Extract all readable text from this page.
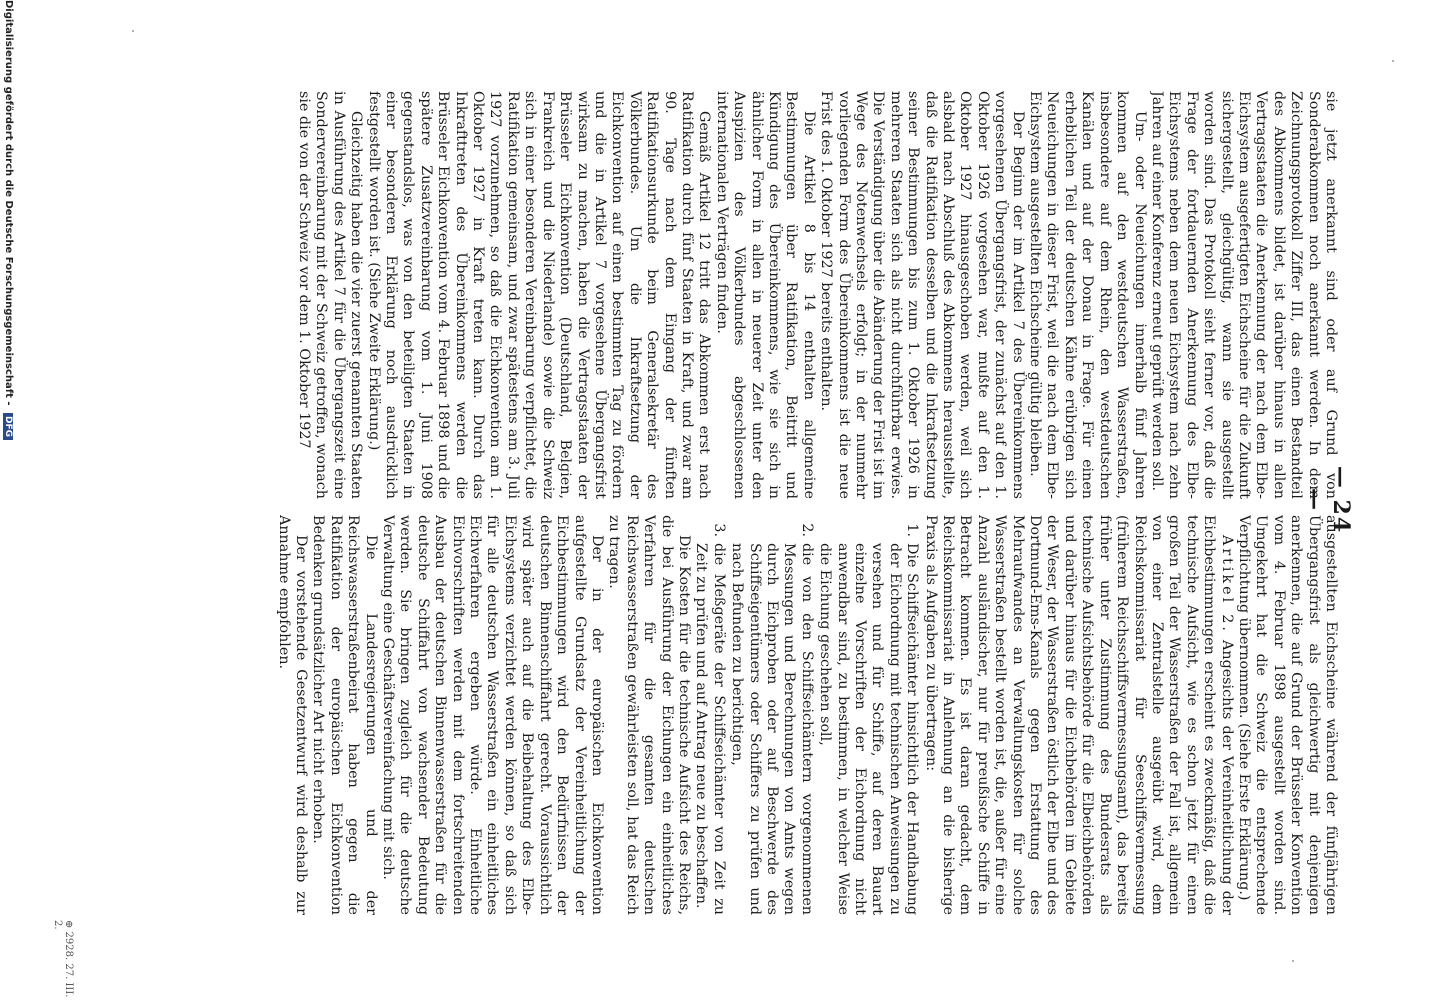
— 24 —

sie jetzt anerkannt sind oder auf Grund von Sonderabkommen noch anerkannt werden. In dem Zeichnungsprotokoll Ziffer III, das einen Bestandteil des Abkommens bildet, ist darüber hinaus in allen Vertragsstaaten die Anerkennung der nach dem Elbe-Eichsystem ausgefertigten Eichscheine für die Zukunft sichergestellt, gleichgültig, wann sie ausgestellt worden sind. Das Protokoll sieht ferner vor, daß die Frage der fortdauernden Anerkennung des Elbe-Eichsystems neben dem neuen Eichsystem nach zehn Jahren auf einer Konferenz erneut geprüft werden soll.

Um- oder Neueichungen innerhalb fünf Jahren kommen auf den westdeutschen Wasserstraßen, insbesondere auf dem Rhein, den westdeutschen Kanälen und auf der Donau in Frage. Für einen erheblichen Teil der deutschen Kähne erübrigen sich Neueichungen in dieser Frist, weil die nach dem Elbe-Eichsystem ausgestellten Eichscheine gültig bleiben.

Der Beginn der im Artikel 7 des Übereinkommens vorgesehenen Übergangsfrist, der zunächst auf den 1. Oktober 1926 vorgesehen war, mußte auf den 1. Oktober 1927 hinausgeschoben werden, weil sich alsbald nach Abschluß des Abkommens herausstellte, daß die Ratifikation desselben und die Inkraftsetzung seiner Bestimmungen bis zum 1. Oktober 1926 in mehreren Staaten sich als nicht durchführbar erwies. Die Verständigung über die Abänderung der Frist ist im Wege des Notenwechsels erfolgt; in der nunmehr vorliegenden Form des Übereinkommens ist die neue Frist des 1. Oktober 1927 bereits enthalten.

Die Artikel 8 bis 14 enthalten allgemeine Bestimmungen über Ratifikation, Beitritt und Kündigung des Übereinkommens, wie sie sich in ähnlicher Form in allen in neuerer Zeit unter den Auspizien des Völkerbundes abgeschlossenen internationalen Verträgen finden.

Gemäß Artikel 12 tritt das Abkommen erst nach Ratifikation durch fünf Staaten in Kraft, und zwar am 90. Tage nach dem Eingang der fünften Ratifikationsurkunde beim Generalsekretär des Völkerbundes. Um die Inkraftsetzung der Eichkonvention auf einen bestimmten Tag zu fördern und die in Artikel 7 vorgesehene Übergangsfrist wirksam zu machen, haben die Vertragsstaaten der Brüsseler Eichkonvention (Deutschland, Belgien, Frankreich und die Niederlande) sowie die Schweiz sich in einer besonderen Vereinbarung verpflichtet, die Ratifikation gemeinsam, und zwar spätestens am 3. Juli 1927 vorzunehmen, so daß die Eichkonvention am 1. Oktober 1927 in Kraft treten kann. Durch das Inkrafttreten des Übereinkommens werden die Brüsseler Eichkonvention vom 4. Februar 1898 und die spätere Zusatzvereinbarung vom 1. Juni 1908 gegenstandslos, was von den beteiligten Staaten in einer besonderen Erklärung noch ausdrücklich festgestellt worden ist. (Siehe Zweite Erklärung.)

Gleichzeitig haben die vier zuerst genannten Staaten in Ausführung des Artikel 7 für die Übergangszeit eine Sondervereinbarung mit der Schweiz getroffen, wonach sie die von der Schweiz vor dem 1. Oktober 1927

ausgestellten Eichscheine während der fünfjährigen Übergangsfrist als gleichwertig mit denjenigen anerkennen, die auf Grund der Brüsseler Konvention vom 4. Februar 1898 ausgestellt worden sind. Umgekehrt hat die Schweiz die entsprechende Verpflichtung übernommen. (Siehe Erste Erklärung.)

Artikel 2. Angesichts der Vereinheitlichung der Eichbestimmungen erscheint es zweckmäßig, daß die technische Aufsicht, wie es schon jetzt für einen großen Teil der Wasserstraßen der Fall ist, allgemein von einer Zentralstelle ausgeübt wird, dem Reichskommissariat für Seeschiffsvermessung (früherem Reichsschiffsvermessungsamt), das bereits früher unter Zustimmung des Bundesrats als technische Aufsichtsbehörde für die Elbeichbehörden und darüber hinaus für die Eichbehörden im Gebiete der Weser, der Wasserstraßen östlich der Elbe und des Dortmund-Ems-Kanals gegen Erstattung des Mehraufwandes an Verwaltungskosten für solche Wasserstraßen bestellt worden ist, die, außer für eine Anzahl ausländischer, nur für preußische Schiffe in Betracht kommen. Es ist daran gedacht, dem Reichskommissariat in Anlehnung an die bisherige Praxis als Aufgaben zu übertragen:

1.

Die Schiffseichämter hinsichtlich der Handhabung der Eichordnung mit technischen Anweisungen zu versehen und für Schiffe, auf deren Bauart einzelne Vorschriften der Eichordnung nicht anwendbar sind, zu bestimmen, in welcher Weise die Eichung geschehen soll,

2.

die von den Schiffseichämtern vorgenommenen Messungen und Berechnungen von Amts wegen durch Eichproben oder auf Beschwerde des Schiffseigentümers oder Schiffers zu prüfen und nach Befunden zu berichtigen,

3.

die Meßgeräte der Schiffseichämter von Zeit zu Zeit zu prüfen und auf Antrag neue zu beschaffen.

Die Kosten für die technische Aufsicht des Reichs, die bei Ausführung der Eichungen ein einheitliches Verfahren für die gesamten deutschen Reichswasserstraßen gewährleisten soll, hat das Reich zu tragen.

Der in der europäischen Eichkonvention aufgestellte Grundsatz der Vereinheitlichung der Eichbestimmungen wird den Bedürfnissen der deutschen Binnenschiffahrt gerecht. Voraussichtlich wird später auch auf die Beibehaltung des Elbe-Eichsystems verzichtet werden können, so daß sich für alle deutschen Wasserstraßen ein einheitliches Eichverfahren ergeben würde. Einheitliche Eichvorschriften werden mit dem fortschreitenden Ausbau der deutschen Binnenwasserstraßen für die deutsche Schiffahrt von wachsender Bedeutung werden. Sie bringen zugleich für die deutsche Verwaltung eine Geschäftsvereinfachung mit sich.

Die Landesregierungen und der Reichswasserstraßenbeirat haben gegen die Ratifikation der europäischen Eichkonvention Bedenken grundsätzlicher Art nicht erhoben.

Der vorstehende Gesetzentwurf wird deshalb zur Annahme empfohlen.

⊕ 2928. 27. III. 2.
Digitalisierung gefördert durch die Deutsche Forschungsgemeinschaft - DFG
